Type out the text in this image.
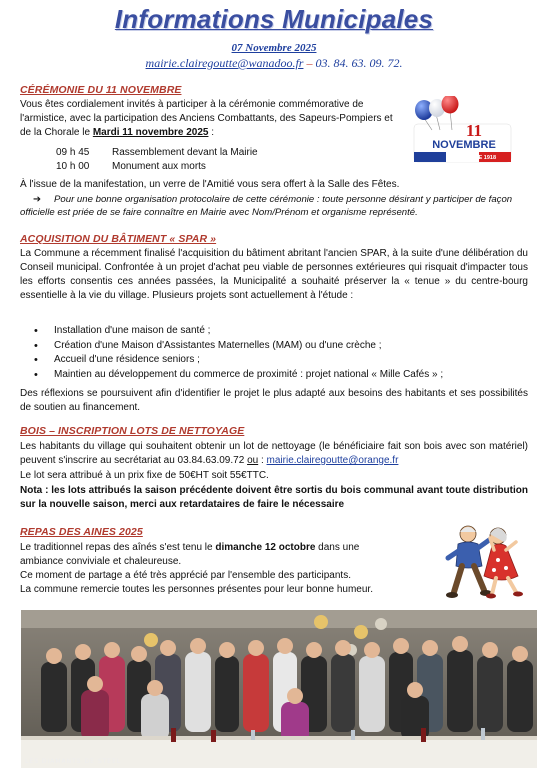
Informations Municipales
07 Novembre 2025
mairie.clairegoutte@wanadoo.fr – 03. 84. 63. 09. 72.
CÉRÉMONIE DU 11 NOVEMBRE
Vous êtes cordialement invités à participer à la cérémonie commémorative de l'armistice, avec la participation des Anciens Combattants, des Sapeurs-Pompiers et de la Chorale le Mardi 11 novembre 2025 :
09 h 45 Rassemblement devant la Mairie
10 h 00 Monument aux morts
À l'issue de la manifestation, un verre de l'Amitié vous sera offert à la Salle des Fêtes.
➔ Pour une bonne organisation protocolaire de cette cérémonie : toute personne désirant y participer de façon officielle est priée de se faire connaître en Mairie avec Nom/Prénom et organisme représenté.
11
NOVEMBRE
ARMISTICE 1918
ACQUISITION DU BÂTIMENT « SPAR »
La Commune a récemment finalisé l'acquisition du bâtiment abritant l'ancien SPAR, à la suite d'une délibération du Conseil municipal. Confrontée à un projet d'achat peu viable de personnes extérieures qui risquait d'impacter tous les efforts consentis ces années passées, la Municipalité a souhaité préserver la « tenue » du centre-bourg essentielle à la vie du village. Plusieurs projets sont actuellement à l'étude :
• Installation d'une maison de santé ;
• Création d'une Maison d'Assistantes Maternelles (MAM) ou d'une crèche ;
• Accueil d'une résidence seniors ;
• Maintien au développement du commerce de proximité : projet national « Mille Cafés » ;
Des réflexions se poursuivent afin d'identifier le projet le plus adapté aux besoins des habitants et ses possibilités de soutien au financement.
BOIS – INSCRIPTION LOTS DE NETTOYAGE
Les habitants du village qui souhaitent obtenir un lot de nettoyage (le bénéficiaire fait son bois avec son matériel) peuvent s'inscrire au secrétariat au 03.84.63.09.72 ou : mairie.clairegoutte@orange.fr
Le lot sera attribué à un prix fixe de 50€HT soit 55€TTC.
Nota : les lots attribués la saison précédente doivent être sortis du bois communal avant toute distribution sur la nouvelle saison, merci aux retardataires de faire le nécessaire
REPAS DES AINES 2025
Le traditionnel repas des aînés s'est tenu le dimanche 12 octobre dans une
ambiance conviviale et chaleureuse.
Ce moment de partage a été très apprécié par l'ensemble des participants.
La commune remercie toutes les personnes présentes pour leur bonne humeur.
LES DIAMANTS DE STEEL
